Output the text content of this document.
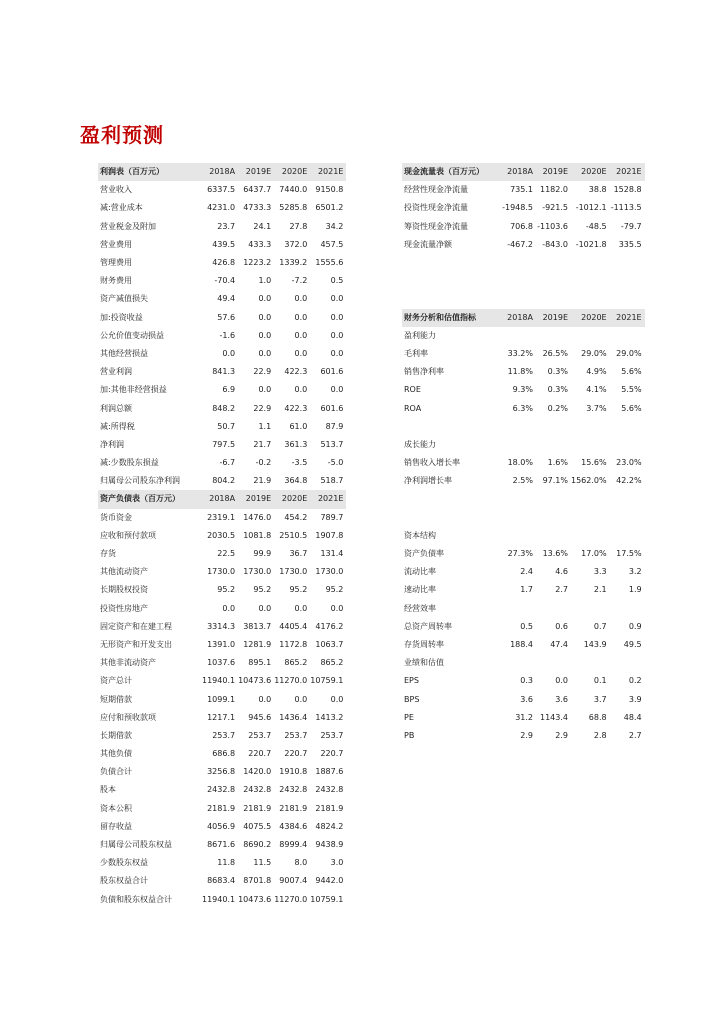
盈利预测
利润表（百万元）	2018A	2019E	2020E	2021E
营业收入	6337.5	6437.7	7440.0	9150.8
减:营业成本	4231.0	4733.3	5285.8	6501.2
营业税金及附加	23.7	24.1	27.8	34.2
营业费用	439.5	433.3	372.0	457.5
管理费用	426.8	1223.2	1339.2	1555.6
财务费用	-70.4	1.0	-7.2	0.5
资产减值损失	49.4	0.0	0.0	0.0
加:投资收益	57.6	0.0	0.0	0.0
公允价值变动损益	-1.6	0.0	0.0	0.0
其他经营损益	0.0	0.0	0.0	0.0
营业利润	841.3	22.9	422.3	601.6
加:其他非经营损益	6.9	0.0	0.0	0.0
利润总额	848.2	22.9	422.3	601.6
减:所得税	50.7	1.1	61.0	87.9
净利润	797.5	21.7	361.3	513.7
减:少数股东损益	-6.7	-0.2	-3.5	-5.0
归属母公司股东净利润	804.2	21.9	364.8	518.7
资产负债表（百万元）	2018A	2019E	2020E	2021E
货币资金	2319.1	1476.0	454.2	789.7
应收和预付款项	2030.5	1081.8	2510.5	1907.8
存货	22.5	99.9	36.7	131.4
其他流动资产	1730.0	1730.0	1730.0	1730.0
长期股权投资	95.2	95.2	95.2	95.2
投资性房地产	0.0	0.0	0.0	0.0
固定资产和在建工程	3314.3	3813.7	4405.4	4176.2
无形资产和开发支出	1391.0	1281.9	1172.8	1063.7
其他非流动资产	1037.6	895.1	865.2	865.2
资产总计	11940.1	10473.6	11270.0	10759.1
短期借款	1099.1	0.0	0.0	0.0
应付和预收款项	1217.1	945.6	1436.4	1413.2
长期借款	253.7	253.7	253.7	253.7
其他负债	686.8	220.7	220.7	220.7
负债合计	3256.8	1420.0	1910.8	1887.6
股本	2432.8	2432.8	2432.8	2432.8
资本公积	2181.9	2181.9	2181.9	2181.9
留存收益	4056.9	4075.5	4384.6	4824.2
归属母公司股东权益	8671.6	8690.2	8999.4	9438.9
少数股东权益	11.8	11.5	8.0	3.0
股东权益合计	8683.4	8701.8	9007.4	9442.0
负债和股东权益合计	11940.1	10473.6	11270.0	10759.1
现金流量表（百万元）	2018A	2019E	2020E	2021E
经营性现金净流量	735.1	1182.0	38.8	1528.8
投资性现金净流量	-1948.5	-921.5	-1012.1	-1113.5
筹资性现金净流量	706.8	-1103.6	-48.5	-79.7
现金流量净额	-467.2	-843.0	-1021.8	335.5

财务分析和估值指标	2018A	2019E	2020E	2021E
盈利能力				
毛利率	33.2%	26.5%	29.0%	29.0%
销售净利率	11.8%	0.3%	4.9%	5.6%
ROE	9.3%	0.3%	4.1%	5.5%
ROA	6.3%	0.2%	3.7%	5.6%

成长能力				
销售收入增长率	18.0%	1.6%	15.6%	23.0%
净利润增长率	2.5%	97.1%	1562.0%	42.2%

资本结构				
资产负债率	27.3%	13.6%	17.0%	17.5%
流动比率	2.4	4.6	3.3	3.2
速动比率	1.7	2.7	2.1	1.9
经营效率				
总资产周转率	0.5	0.6	0.7	0.9
存货周转率	188.4	47.4	143.9	49.5
业绩和估值				
EPS	0.3	0.0	0.1	0.2
BPS	3.6	3.6	3.7	3.9
PE	31.2	1143.4	68.8	48.4
PB	2.9	2.9	2.8	2.7
